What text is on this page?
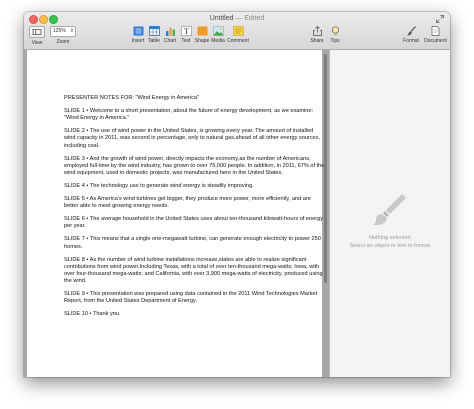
Untitled — Edited
View
125% ⇕
Zoom	Insert Table Chart
T
Text Shape Media Comment	Share Tips	Format Document

PRESENTER NOTES FOR: "Wind Energy in America"

SLIDE 1 • Welcome to a short presentation, about the future of energy development, as we examine: "Wind Energy in America."

SLIDE 2 • The use of wind power in the United States, is growing every year. The amount of installed wind capacity in 2011, was second in percentage, only to natural gas,ahead of all other energy sources, including coal.

SLIDE 3 • And the growth of wind power, directly impacts the economy,as the number of Americans, employed full-time by the wind industry, has grown to over 75,000 people. In addition, in 2011, 67% of the wind equipment, used in domestic projects, was manufactured here in the United States.

SLIDE 4 • The technology use to generate wind energy is steadily improving.

SLIDE 5 • As America's wind turbines get bigger, they produce more power, more efficiently, and are better able to meet growing energy needs.

SLIDE 6 • The average household in the United States uses about ten-thousand kilowatt-hours of energy per year.

SLIDE 7 • This means that a single one-megawatt turbine, can generate enough electricity to power 250 homes.

SLIDE 8 • As the number of wind turbine installations increase,states are able to realize significant contributions from wind power.Including Texas, with a total of over ten-thousand mega-watts; Iowa, with over four-thousand mega-watts; and California, with over 3,900 mega-watts of electricity, produced using the wind.

SLIDE 9 • This presentation was prepared using data contained in the 2011 Wind Technologies Market Report, from the United States Department of Energy.

SLIDE 10 • Thank you.

Nothing selected.
Select an object or text to format.
